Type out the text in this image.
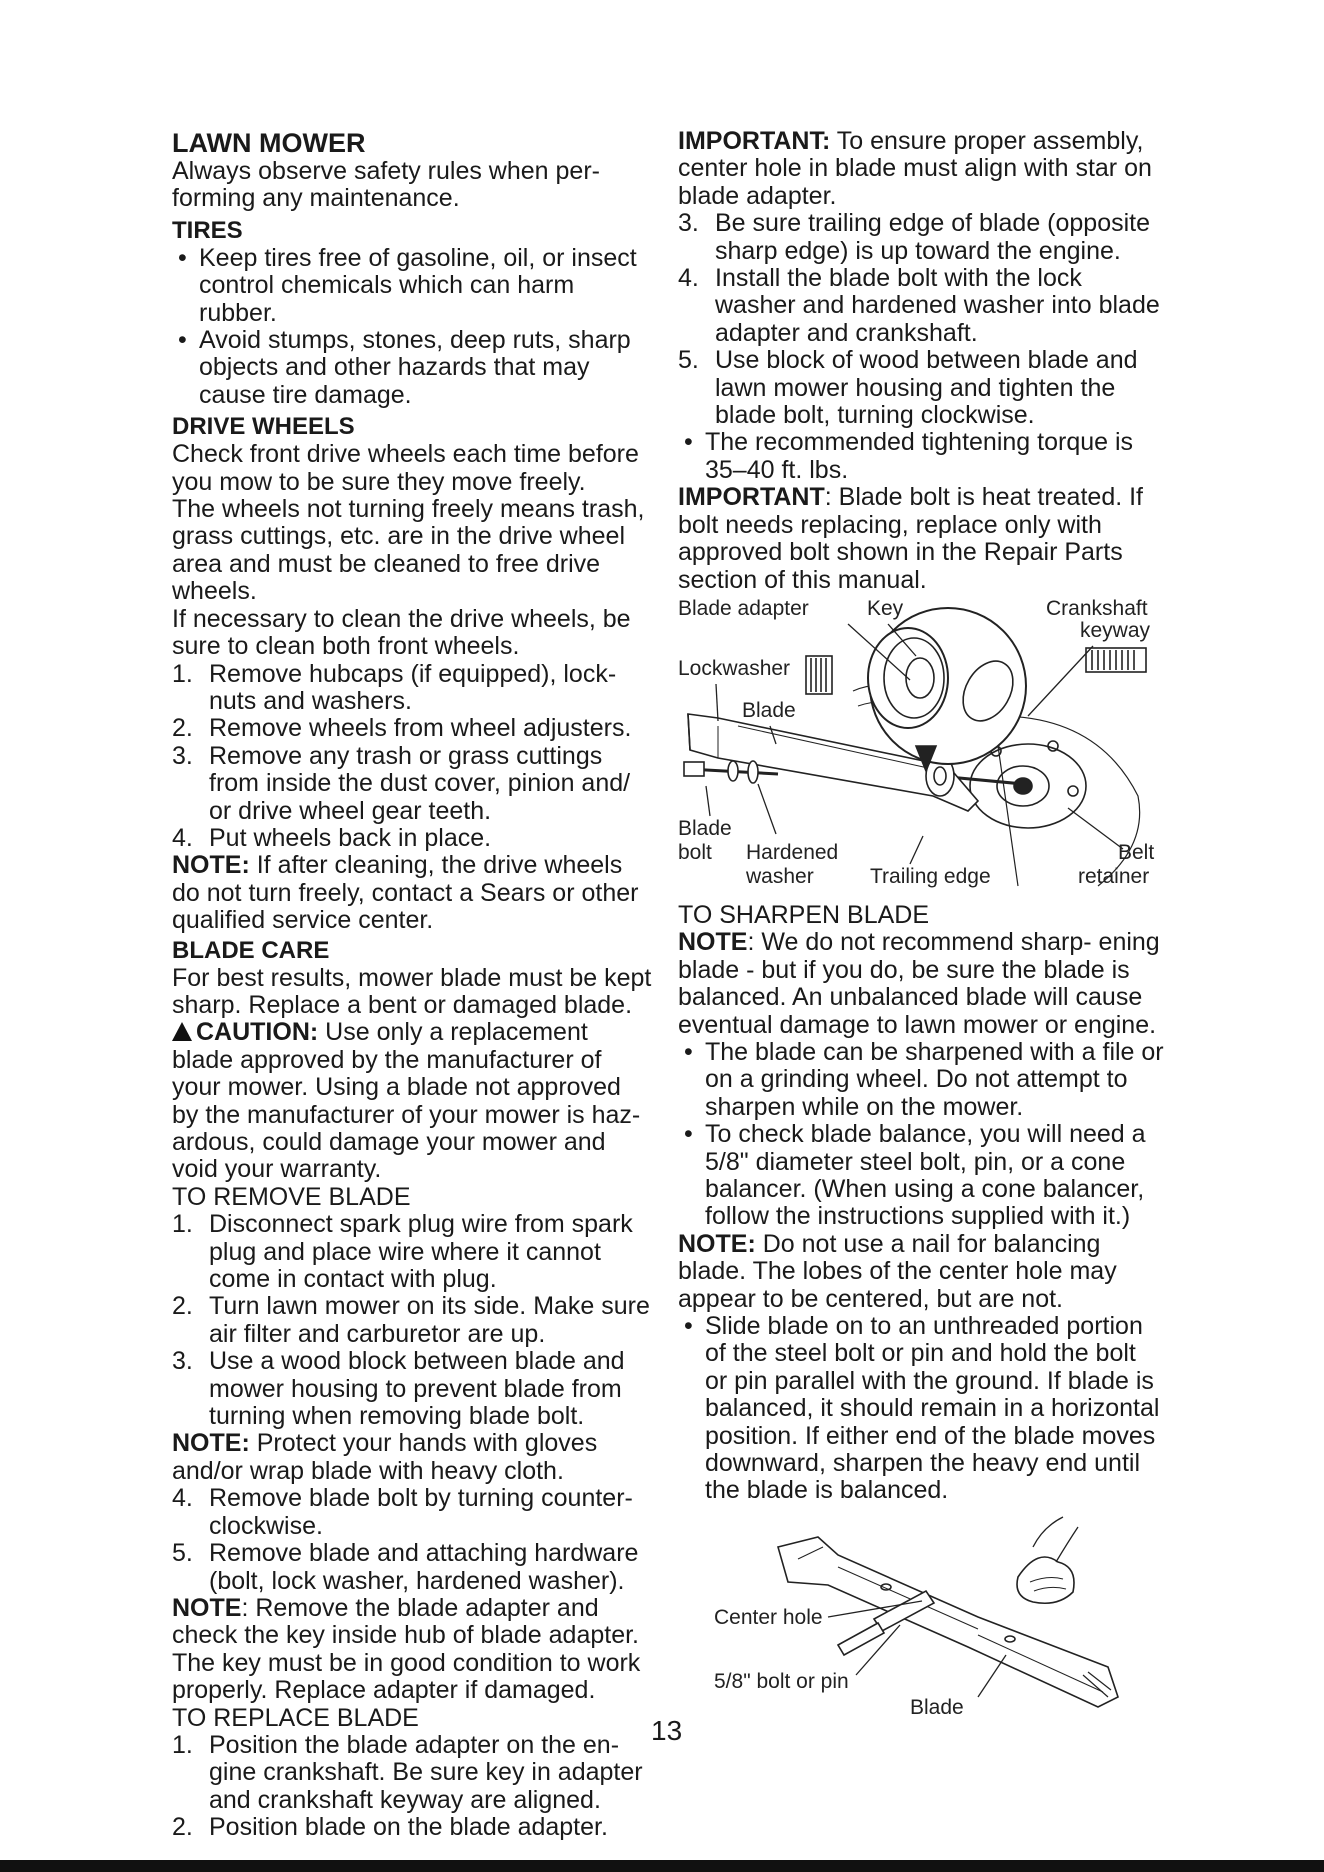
LAWN MOWER

Always observe safety rules when per- forming any maintenance.

TIRES
• Keep tires free of gasoline, oil, or insect control chemicals which can harm rubber.
• Avoid stumps, stones, deep ruts, sharp objects and other hazards that may cause tire damage.
DRIVE WHEELS

Check front drive wheels each time before you mow to be sure they move freely.

The wheels not turning freely means trash, grass cuttings, etc. are in the drive wheel area and must be cleaned to free drive wheels.

If necessary to clean the drive wheels, be sure to clean both front wheels.

1. Remove hubcaps (if equipped), lock- nuts and washers.
2. Remove wheels from wheel adjusters.
3. Remove any trash or grass cuttings from inside the dust cover, pinion and/ or drive wheel gear teeth.
4. Put wheels back in place.

NOTE: If after cleaning, the drive wheels do not turn freely, contact a Sears or other qualified service center.

BLADE CARE

For best results, mower blade must be kept sharp. Replace a bent or damaged blade.

CAUTION: Use only a replacement blade approved by the manufacturer of your mower. Using a blade not approved by the manufacturer of your mower is haz- ardous, could damage your mower and void your warranty.

TO REMOVE BLADE
1. Disconnect spark plug wire from spark plug and place wire where it cannot come in contact with plug.
2. Turn lawn mower on its side. Make sure air filter and carburetor are up.
3. Use a wood block between blade and mower housing to prevent blade from turning when removing blade bolt.

NOTE: Protect your hands with gloves and/or wrap blade with heavy cloth.

4. Remove blade bolt by turning counter- clockwise.
5. Remove blade and attaching hardware (bolt, lock washer, hardened washer).

NOTE: Remove the blade adapter and check the key inside hub of blade adapter. The key must be in good condition to work properly. Replace adapter if damaged.

TO REPLACE BLADE
1. Position the blade adapter on the en- gine crankshaft. Be sure key in adapter and crankshaft keyway are aligned.
2. Position blade on the blade adapter.

IMPORTANT: To ensure proper assembly, center hole in blade must align with star on blade adapter.

3. Be sure trailing edge of blade (opposite sharp edge) is up toward the engine.
4. Install the blade bolt with the lock washer and hardened washer into blade adapter and crankshaft.
5. Use block of wood between blade and lawn mower housing and tighten the blade bolt, turning clockwise.
• The recommended tightening torque is 35–40 ft. lbs.

IMPORTANT: Blade bolt is heat treated. If bolt needs replacing, replace only with approved bolt shown in the Repair Parts section of this manual.

Blade adapter	Key	Crankshaft
keyway
Lockwasher
Blade
Blade
bolt Hardened
washer	Trailing edge
Belt
retainer
TO SHARPEN BLADE

NOTE: We do not recommend sharp- ening blade - but if you do, be sure the blade is balanced. An unbalanced blade will cause eventual damage to lawn mower or engine.

• The blade can be sharpened with a file or on a grinding wheel. Do not attempt to sharpen while on the mower.
• To check blade balance, you will need a 5/8" diameter steel bolt, pin, or a cone balancer. (When using a cone balancer, follow the instructions supplied with it.)

NOTE: Do not use a nail for balancing blade. The lobes of the center hole may appear to be centered, but are not.

• Slide blade on to an unthreaded portion of the steel bolt or pin and hold the bolt or pin parallel with the ground. If blade is balanced, it should remain in a horizontal position. If either end of the blade moves downward, sharpen the heavy end until the blade is balanced.
Center hole
5/8" bolt or pin
Blade
13
